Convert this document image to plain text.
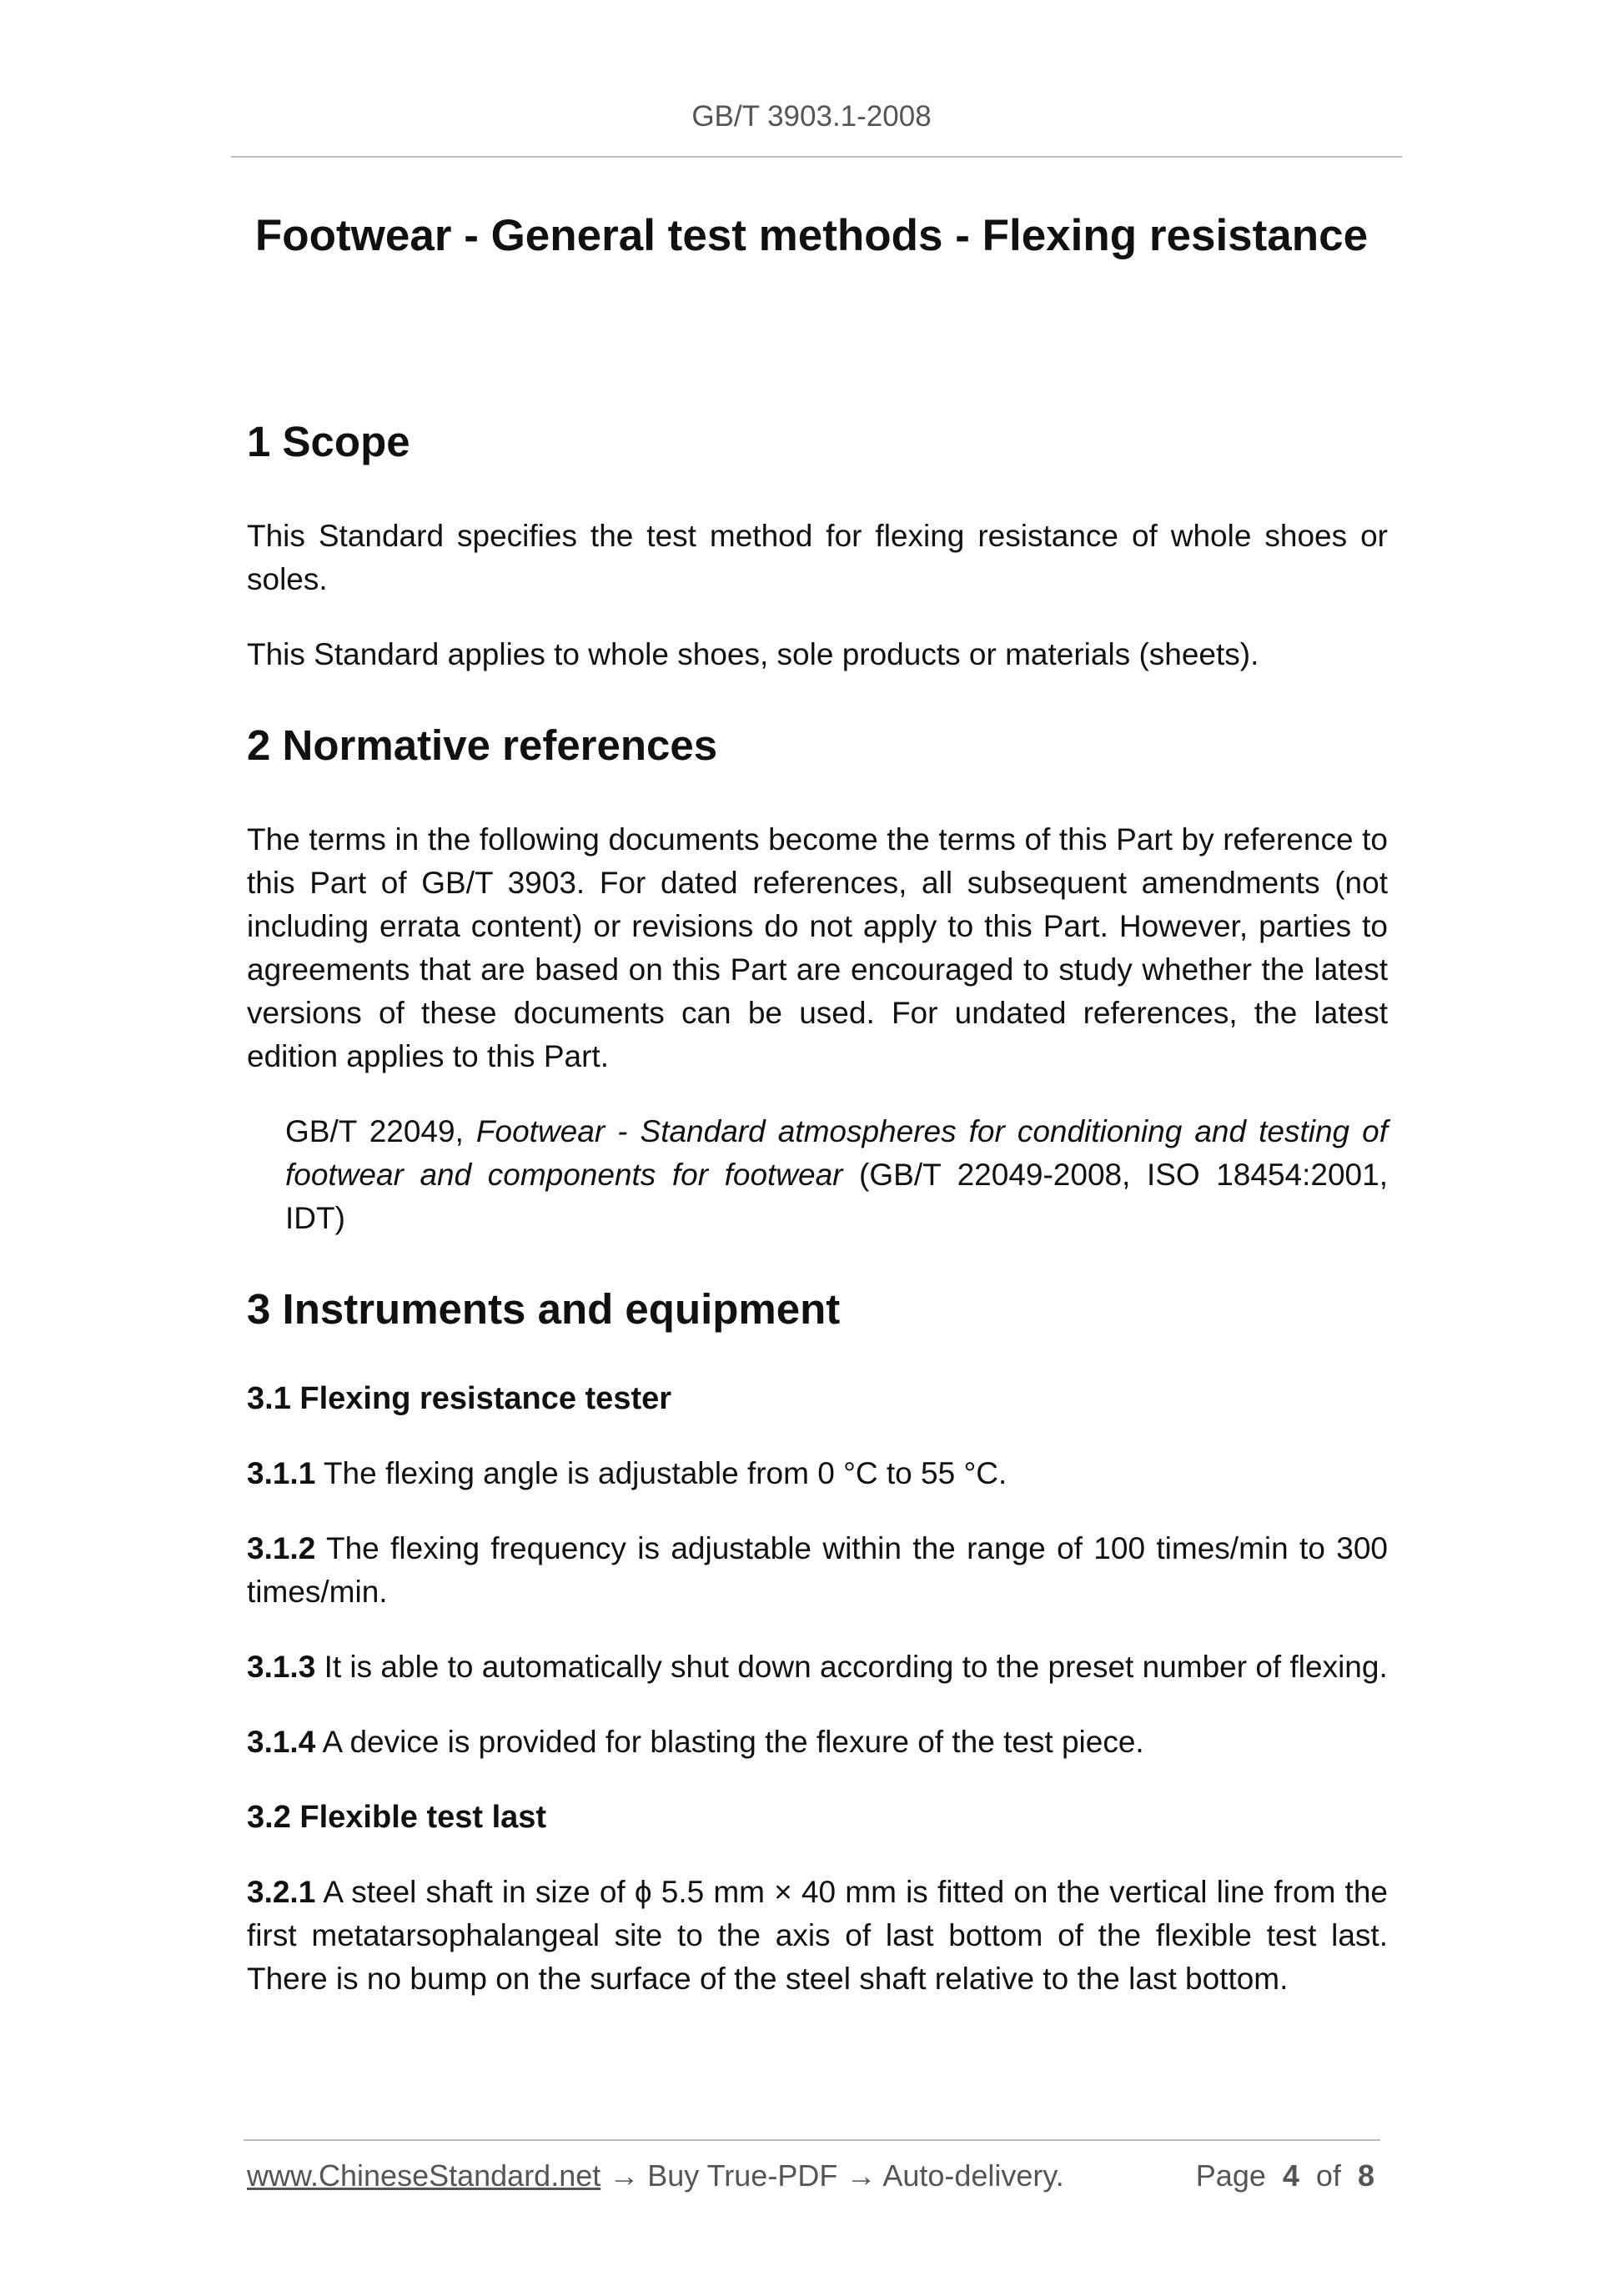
GB/T 3903.1-2008
Footwear - General test methods - Flexing resistance
1 Scope

This Standard specifies the test method for flexing resistance of whole shoes or soles.

This Standard applies to whole shoes, sole products or materials (sheets).

2 Normative references

The terms in the following documents become the terms of this Part by reference to this Part of GB/T 3903. For dated references, all subsequent amendments (not including errata content) or revisions do not apply to this Part. However, parties to agreements that are based on this Part are encouraged to study whether the latest versions of these documents can be used. For undated references, the latest edition applies to this Part.

GB/T 22049, Footwear - Standard atmospheres for conditioning and testing of footwear and components for footwear (GB/T 22049-2008, ISO 18454:2001, IDT)

3 Instruments and equipment
3.1 Flexing resistance tester

3.1.1 The flexing angle is adjustable from 0 °C to 55 °C.

3.1.2 The flexing frequency is adjustable within the range of 100 times/min to 300 times/min.

3.1.3 It is able to automatically shut down according to the preset number of flexing.

3.1.4 A device is provided for blasting the flexure of the test piece.

3.2 Flexible test last

3.2.1 A steel shaft in size of ϕ 5.5 mm × 40 mm is fitted on the vertical line from the first metatarsophalangeal site to the axis of last bottom of the flexible test last. There is no bump on the surface of the steel shaft relative to the last bottom.

www.ChineseStandard.net → Buy True-PDF → Auto-delivery.	Page 4 of 8
